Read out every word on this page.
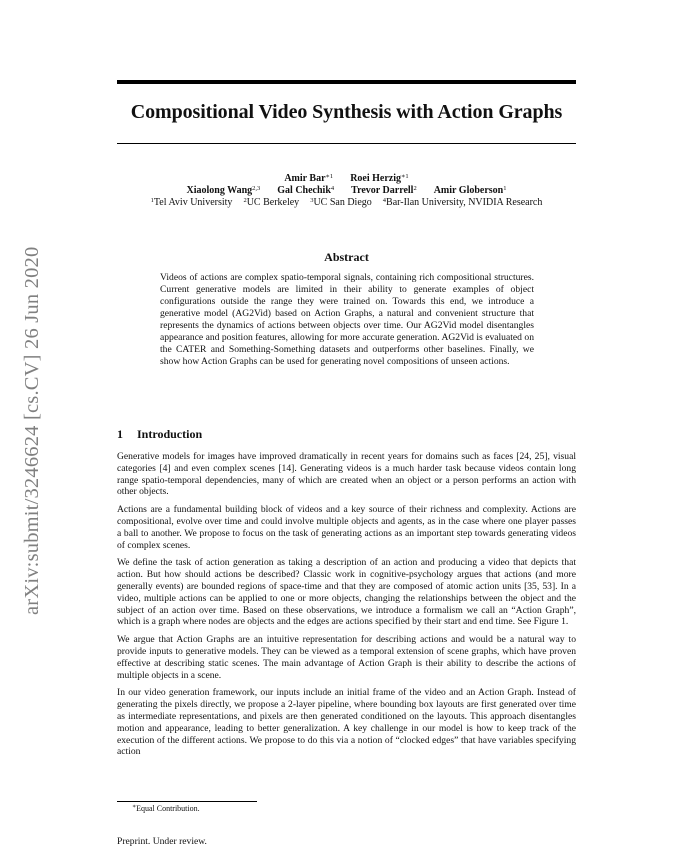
arXiv:submit/3246624 [cs.CV] 26 Jun 2020
Compositional Video Synthesis with Action Graphs
Amir Bar$^{∗1}$ Roei Herzig$^{∗1}$
Xiaolong Wang$^{2,3}$ Gal Chechik$^4$ Trevor Darrell$^2$ Amir Globerson$^1$
$^1$Tel Aviv University $^2$UC Berkeley $^3$UC San Diego $^4$Bar-Ilan University, NVIDIA Research
Abstract
Videos of actions are complex spatio-temporal signals, containing rich compositional structures. Current generative models are limited in their ability to generate examples of object configurations outside the range they were trained on. Towards this end, we introduce a generative model (AG2Vid) based on Action Graphs, a natural and convenient structure that represents the dynamics of actions between objects over time. Our AG2Vid model disentangles appearance and position features, allowing for more accurate generation. AG2Vid is evaluated on the CATER and Something-Something datasets and outperforms other baselines. Finally, we show how Action Graphs can be used for generating novel compositions of unseen actions.
1 Introduction

Generative models for images have improved dramatically in recent years for domains such as faces [24, 25], visual categories [4] and even complex scenes [14]. Generating videos is a much harder task because videos contain long range spatio-temporal dependencies, many of which are created when an object or a person performs an action with other objects.

Actions are a fundamental building block of videos and a key source of their richness and complexity. Actions are compositional, evolve over time and could involve multiple objects and agents, as in the case where one player passes a ball to another. We propose to focus on the task of generating actions as an important step towards generating videos of complex scenes.

We define the task of action generation as taking a description of an action and producing a video that depicts that action. But how should actions be described? Classic work in cognitive-psychology argues that actions (and more generally events) are bounded regions of space-time and that they are composed of atomic action units [35, 53]. In a video, multiple actions can be applied to one or more objects, changing the relationships between the object and the subject of an action over time. Based on these observations, we introduce a formalism we call an “Action Graph”, which is a graph where nodes are objects and the edges are actions specified by their start and end time. See Figure 1.

We argue that Action Graphs are an intuitive representation for describing actions and would be a natural way to provide inputs to generative models. They can be viewed as a temporal extension of scene graphs, which have proven effective at describing static scenes. The main advantage of Action Graph is their ability to describe the actions of multiple objects in a scene.

In our video generation framework, our inputs include an initial frame of the video and an Action Graph. Instead of generating the pixels directly, we propose a 2-layer pipeline, where bounding box layouts are first generated over time as intermediate representations, and pixels are then generated conditioned on the layouts. This approach disentangles motion and appearance, leading to better generalization. A key challenge in our model is how to keep track of the execution of the different actions. We propose to do this via a notion of “clocked edges” that have variables specifying action

∗Equal Contribution.
Preprint. Under review.
